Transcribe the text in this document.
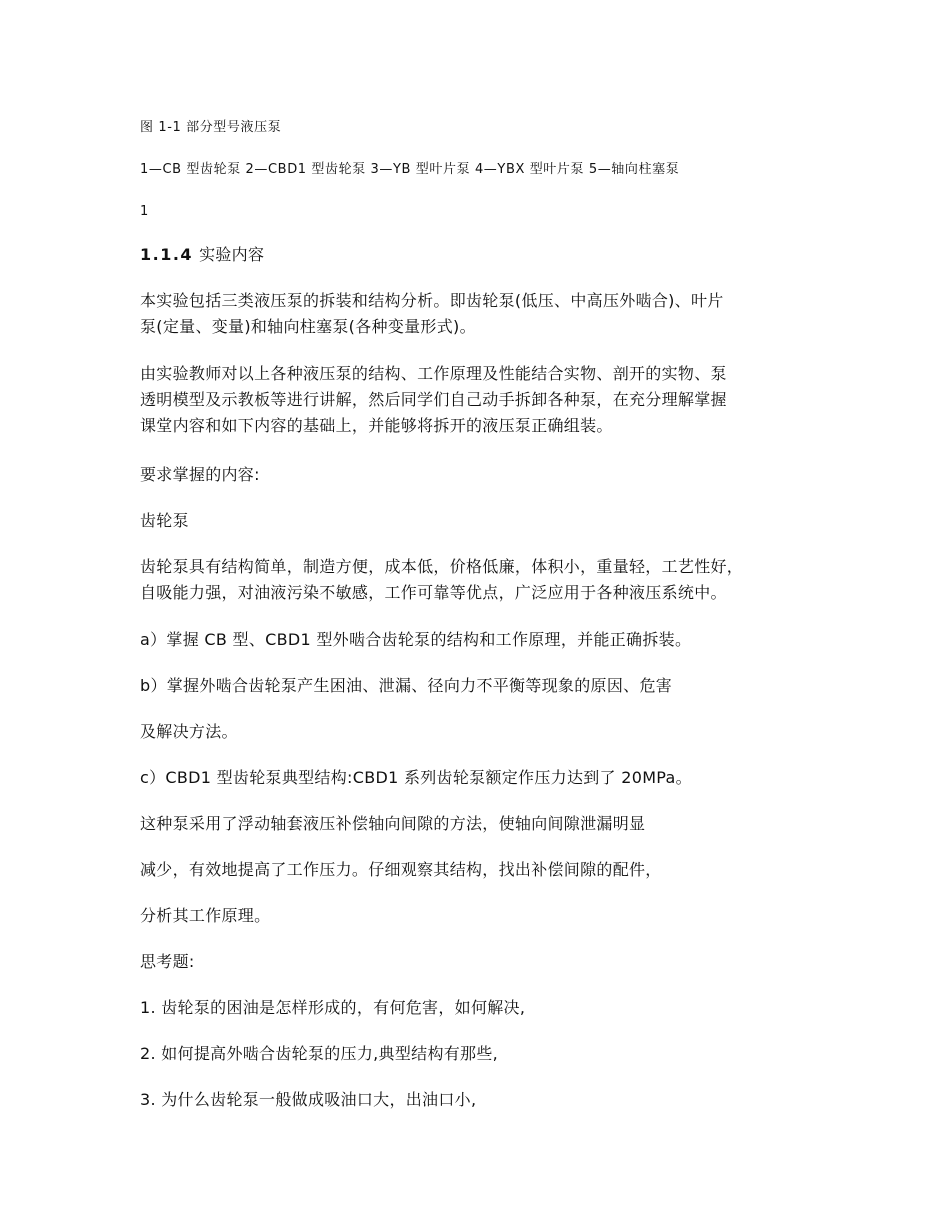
图 1-1 部分型号液压泵

1—CB 型齿轮泵 2—CBD1 型齿轮泵 3—YB 型叶片泵 4—YBX 型叶片泵 5—轴向柱塞泵

1

1.1.4 实验内容

本实验包括三类液压泵的拆装和结构分析。即齿轮泵(低压、中高压外啮合)、叶片
泵(定量、变量)和轴向柱塞泵(各种变量形式)。
由实验教师对以上各种液压泵的结构、工作原理及性能结合实物、剖开的实物、泵
透明模型及示教板等进行讲解，然后同学们自己动手拆卸各种泵，在充分理解掌握
课堂内容和如下内容的基础上，并能够将拆开的液压泵正确组装。

要求掌握的内容:

齿轮泵

齿轮泵具有结构简单，制造方便，成本低，价格低廉，体积小，重量轻，工艺性好，
自吸能力强，对油液污染不敏感，工作可靠等优点，广泛应用于各种液压系统中。

a）掌握 CB 型、CBD1 型外啮合齿轮泵的结构和工作原理，并能正确拆装。

b）掌握外啮合齿轮泵产生困油、泄漏、径向力不平衡等现象的原因、危害

及解决方法。

c）CBD1 型齿轮泵典型结构:CBD1 系列齿轮泵额定作压力达到了 20MPa。

这种泵采用了浮动轴套液压补偿轴向间隙的方法，使轴向间隙泄漏明显

减少，有效地提高了工作压力。仔细观察其结构，找出补偿间隙的配件，

分析其工作原理。

思考题:

1. 齿轮泵的困油是怎样形成的，有何危害，如何解决,

2. 如何提高外啮合齿轮泵的压力,典型结构有那些,

3. 为什么齿轮泵一般做成吸油口大，出油口小,
